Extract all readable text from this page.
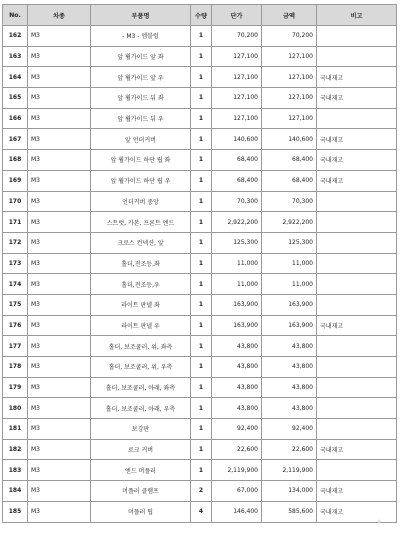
No.	차종	부품명	수량	단가	금액	비고
162	M3	- M3 - 엠블럼	1	70,200	70,200	
163	M3	앞 휠가이드 앞 좌	1	127,100	127,100	
164	M3	앞 휠가이드 앞 우	1	127,100	127,100	국내재고
165	M3	앞 휠가이드 뒤 좌	1	127,100	127,100	국내재고
166	M3	앞 휠가이드 뒤 우	1	127,100	127,100	
167	M3	앞 언더커버	1	140,600	140,600	국내재고
168	M3	앞 휠가이드 하단 립 좌	1	68,400	68,400	국내재고
169	M3	앞 휠가이드 하단 립 우	1	68,400	68,400	국내재고
170	M3	언더커버 중앙	1	70,300	70,300	
171	M3	스트럿, 카본, 프론트 엔드	1	2,922,200	2,922,200	
172	M3	크로스 컨넥션, 앞	1	125,300	125,300	
173	M3	홀더,전조등,좌	1	11,000	11,000	
174	M3	홀더,전조등,우	1	11,000	11,000	
175	M3	라이트 판넬 좌	1	163,900	163,900	
176	M3	라이트 판넬 우	1	163,900	163,900	국내재고
177	M3	홀더, 보조쿨러, 위, 좌측	1	43,800	43,800	
178	M3	홀더, 보조쿨러, 위, 우측	1	43,800	43,800	
179	M3	홀더, 보조쿨러, 아래, 좌측	1	43,800	43,800	
180	M3	홀더, 보조쿨러, 아래, 우측	1	43,800	43,800	
181	M3	보강판	1	92,400	92,400	
182	M3	로크 커버	1	22,600	22,600	국내재고
183	M3	엔드 머플러	1	2,119,900	2,119,900	
184	M3	머플러 클램프	2	67,000	134,000	국내재고
185	M3	머플러 팁	4	146,400	585,600	국내재고
✦
